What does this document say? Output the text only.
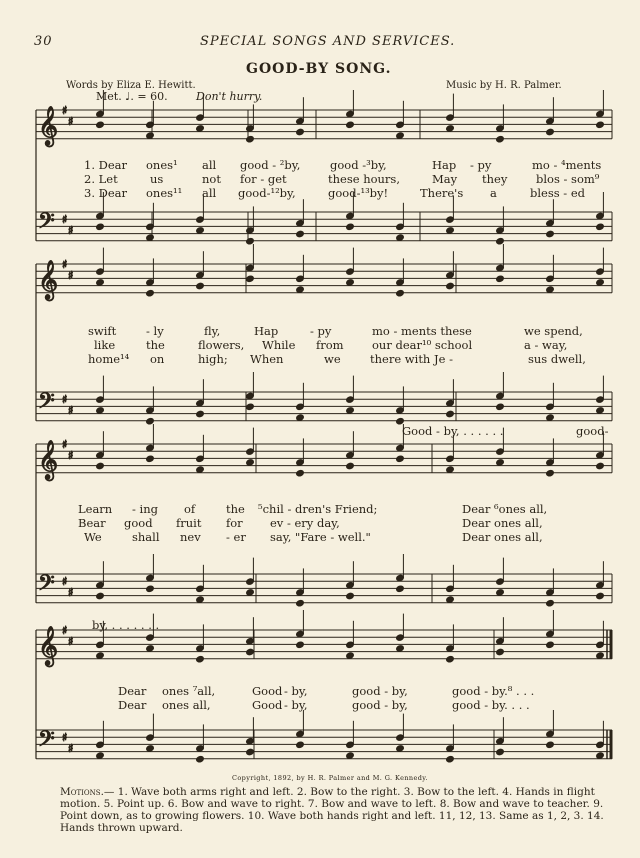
30	SPECIAL SONGS AND SERVICES.
GOOD-BY SONG.
Words by Eliza E. Hewitt.	Music by H. R. Palmer.
Met. ♩. = 60.	Don't hurry.
𝄞 ♯
♯
𝄢 ♯
♯
𝄞 ♯
♯
𝄢 ♯
♯
𝄞 ♯
♯
𝄢 ♯
♯
𝄞 ♯
♯
𝄢 ♯
♯
1. Dear ones¹ all good - ²by,	good -³by,	Hap - py	mo - ⁴ments
2. Let	us	not for - get	these hours,	May they blos - som⁹
3. Dear ones¹¹ all good-¹²by,	good-¹³by!	There's a	bless - ed
swift	- ly	fly,	Hap	- py	mo - ments these	we spend,
like	the	flowers, While from our dear¹⁰ school	a - way,
home¹⁴ on	high; When	we	there with Je -	sus dwell,
Good - by, . . . . . .	good-
Learn - ing of	the ⁵chil - dren's Friend;	Dear ⁶ones all,
Bear good fruit for ev - ery day,	Dear ones all,
We	shall nev - er say, "Fare - well."	Dear ones all,
by, . . . . . . .
Dear ones ⁷all,	Good - by,	good - by,	good - by.⁸ . . .
Dear ones all,	Good - by,	good - by,	good - by. . . .
Copyright, 1892, by H. R. Palmer and M. G. Kennedy.
Motions.— 1. Wave both arms right and left. 2. Bow to the right. 3. Bow to the left. 4. Hands in flight motion. 5. Point up. 6. Bow and wave to right. 7. Bow and wave to left. 8. Bow and wave to teacher. 9. Point down, as to growing flowers. 10. Wave both hands right and left. 11, 12, 13. Same as 1, 2, 3. 14. Hands thrown upward.
